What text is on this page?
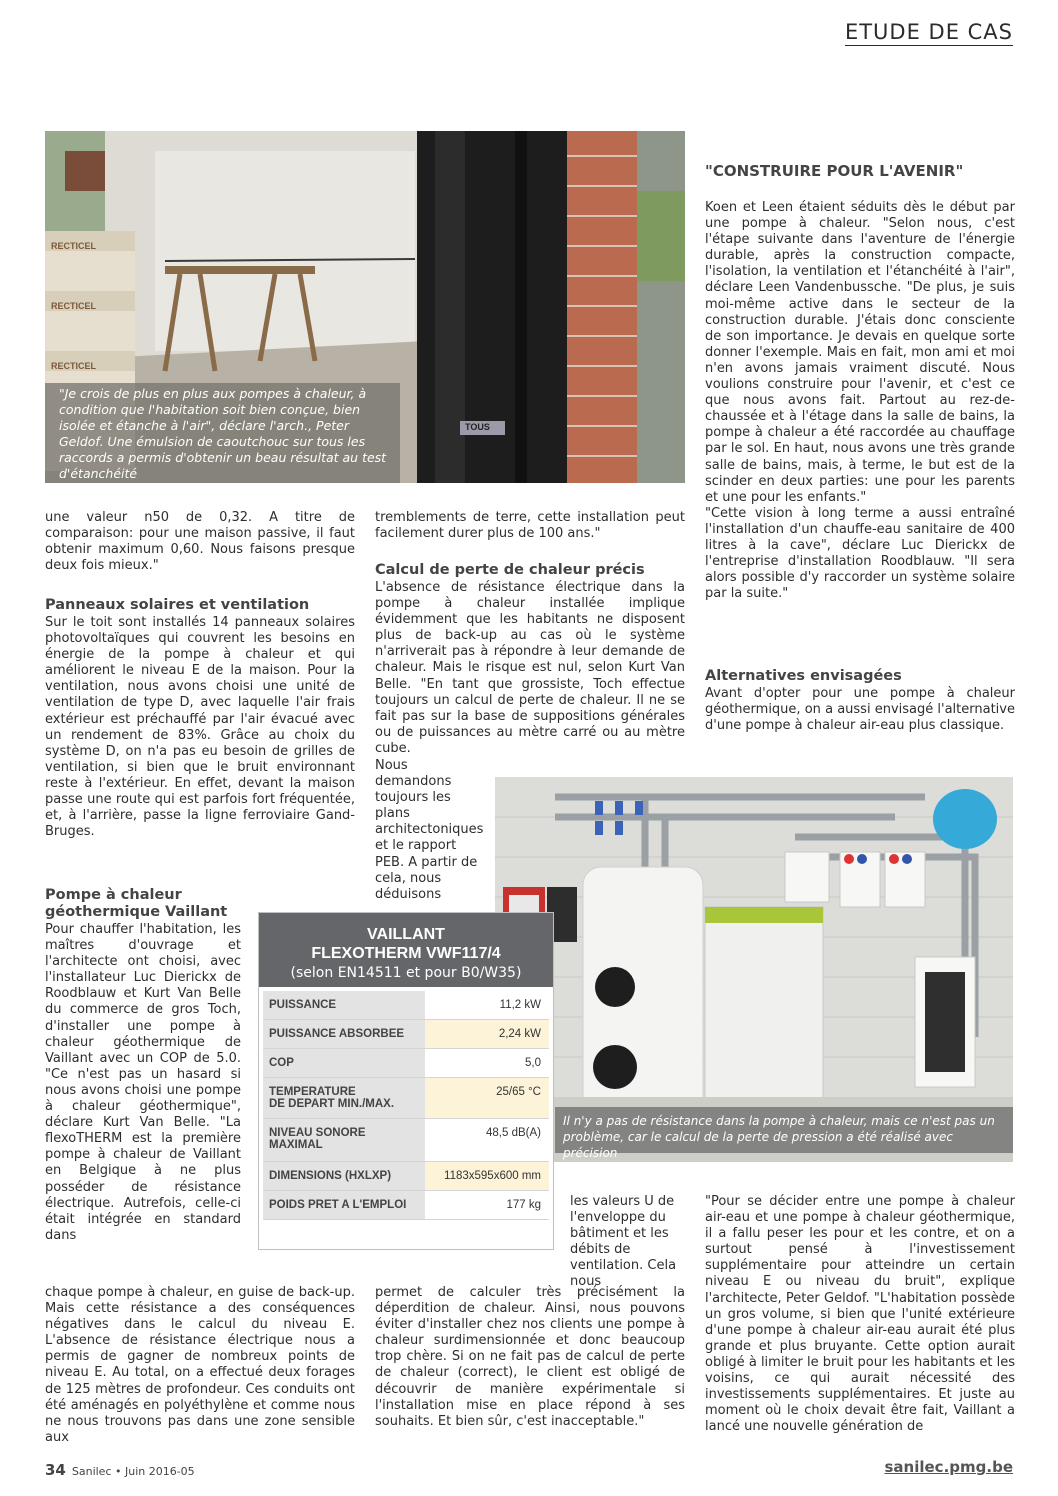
ETUDE DE CAS
RECTICEL
RECTICEL
RECTICEL
TOUS
"Je crois de plus en plus aux pompes à chaleur, à condition que l'habitation soit bien conçue, bien isolée et étanche à l'air", déclare l'arch., Peter Geldof. Une émulsion de caoutchouc sur tous les raccords a permis d'obtenir un beau résultat au test d'étanchéité

une valeur n50 de 0,32. A titre de comparaison: pour une maison passive, il faut obtenir maximum 0,60. Nous faisons presque deux fois mieux."

Panneaux solaires et ventilation

Sur le toit sont installés 14 panneaux solaires photovoltaïques qui couvrent les besoins en énergie de la pompe à chaleur et qui améliorent le niveau E de la maison. Pour la ventilation, nous avons choisi une unité de ventilation de type D, avec laquelle l'air frais extérieur est préchauffé par l'air évacué avec un rendement de 83%. Grâce au choix du système D, on n'a pas eu besoin de grilles de ventilation, si bien que le bruit environnant reste à l'extérieur. En effet, devant la maison passe une route qui est parfois fort fréquentée, et, à l'arrière, passe la ligne ferroviaire Gand-Bruges.

Pompe à chaleur géothermique Vaillant

Pour chauffer l'habitation, les maîtres d'ouvrage et l'architecte ont choisi, avec l'installateur Luc Dierickx de Roodblauw et Kurt Van Belle du commerce de gros Toch, d'installer une pompe à chaleur géothermique de Vaillant avec un COP de 5.0. "Ce n'est pas un hasard si nous avons choisi une pompe à chaleur géothermique", déclare Kurt Van Belle. "La flexoTHERM est la première pompe à chaleur de Vaillant en Belgique à ne plus posséder de résistance électrique. Autrefois, celle-ci était intégrée en standard dans

chaque pompe à chaleur, en guise de back-up. Mais cette résistance a des conséquences négatives dans le calcul du niveau E. L'absence de résistance électrique nous a permis de gagner de nombreux points de niveau E. Au total, on a effectué deux forages de 125 mètres de profondeur. Ces conduits ont été aménagés en polyéthylène et comme nous ne nous trouvons pas dans une zone sensible aux

tremblements de terre, cette installation peut facilement durer plus de 100 ans."

Calcul de perte de chaleur précis

L'absence de résistance électrique dans la pompe à chaleur installée implique évidemment que les habitants ne disposent plus de back-up au cas où le système n'arriverait pas à répondre à leur demande de chaleur. Mais le risque est nul, selon Kurt Van Belle. "En tant que grossiste, Toch effectue toujours un calcul de perte de chaleur. Il ne se fait pas sur la base de suppositions générales ou de puissances au mètre carré ou au mètre cube.

Nous demandons toujours les plans architectoniques et le rapport PEB. A partir de cela, nous déduisons

les valeurs U de l'enveloppe du bâtiment et les débits de ventilation. Cela nous

permet de calculer très précisément la déperdition de chaleur. Ainsi, nous pouvons éviter d'installer chez nos clients une pompe à chaleur surdimensionnée et donc beaucoup trop chère. Si on ne fait pas de calcul de perte de chaleur (correct), le client est obligé de découvrir de manière expérimentale si l'installation mise en place répond à ses souhaits. Et bien sûr, c'est inacceptable."

"CONSTRUIRE POUR L'AVENIR"

Koen et Leen étaient séduits dès le début par une pompe à chaleur. "Selon nous, c'est l'étape suivante dans l'aventure de l'énergie durable, après la construction compacte, l'isolation, la ventilation et l'étanchéité à l'air", déclare Leen Vandenbussche. "De plus, je suis moi-même active dans le secteur de la construction durable. J'étais donc consciente de son importance. Je devais en quelque sorte donner l'exemple. Mais en fait, mon ami et moi n'en avons jamais vraiment discuté. Nous voulions construire pour l'avenir, et c'est ce que nous avons fait. Partout au rez-de-chaussée et à l'étage dans la salle de bains, la pompe à chaleur a été raccordée au chauffage par le sol. En haut, nous avons une très grande salle de bains, mais, à terme, le but est de la scinder en deux parties: une pour les parents et une pour les enfants."

"Cette vision à long terme a aussi entraîné l'installation d'un chauffe-eau sanitaire de 400 litres à la cave", déclare Luc Dierickx de l'entreprise d'installation Roodblauw. "Il sera alors possible d'y raccorder un système solaire par la suite."

Alternatives envisagées

Avant d'opter pour une pompe à chaleur géothermique, on a aussi envisagé l'alternative d'une pompe à chaleur air-eau plus classique.

"Pour se décider entre une pompe à chaleur air-eau et une pompe à chaleur géothermique, il a fallu peser les pour et les contre, et on a surtout pensé à l'investissement supplémentaire pour atteindre un certain niveau E ou niveau du bruit", explique l'architecte, Peter Geldof. "L'habitation possède un gros volume, si bien que l'unité extérieure d'une pompe à chaleur air-eau aurait été plus grande et plus bruyante. Cette option aurait obligé à limiter le bruit pour les habitants et les voisins, ce qui aurait nécessité des investissements supplémentaires. Et juste au moment où le choix devait être fait, Vaillant a lancé une nouvelle génération de

Il n'y a pas de résistance dans la pompe à chaleur, mais ce n'est pas un problème, car le calcul de la perte de pression a été réalisé avec précision
VAILLANT
FLEXOTHERM VWF117/4
(selon EN14511 et pour B0/W35)
PUISSANCE	11,2 kW
PUISSANCE ABSORBEE	2,24 kW
COP	5,0
TEMPERATURE
DE DEPART MIN./MAX.	25/65 °C
NIVEAU SONORE MAXIMAL	48,5 dB(A)
DIMENSIONS (HXLXP)	1183x595x600 mm
POIDS PRET A L'EMPLOI	177 kg
34 Sanilec • Juin 2016-05	sanilec.pmg.be
